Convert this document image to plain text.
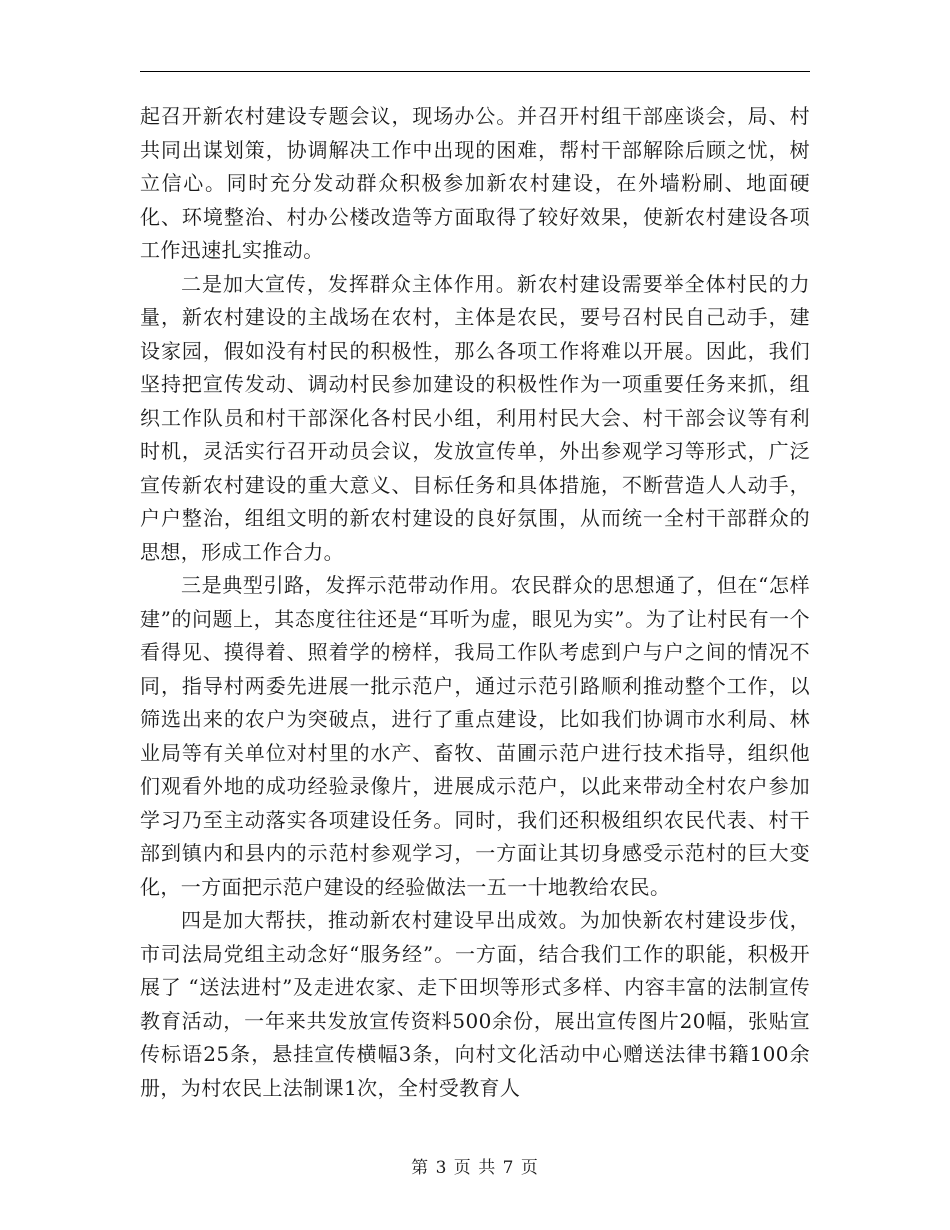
起召开新农村建设专题会议，现场办公。并召开村组干部座谈会，局、村共同出谋划策，协调解决工作中出现的困难，帮村干部解除后顾之忧，树立信心。同时充分发动群众积极参加新农村建设，在外墙粉刷、地面硬化、环境整治、村办公楼改造等方面取得了较好效果，使新农村建设各项工作迅速扎实推动。

二是加大宣传，发挥群众主体作用。新农村建设需要举全体村民的力量，新农村建设的主战场在农村，主体是农民，要号召村民自己动手，建设家园，假如没有村民的积极性，那么各项工作将难以开展。因此，我们坚持把宣传发动、调动村民参加建设的积极性作为一项重要任务来抓，组织工作队员和村干部深化各村民小组，利用村民大会、村干部会议等有利时机，灵活实行召开动员会议，发放宣传单，外出参观学习等形式，广泛宣传新农村建设的重大意义、目标任务和具体措施，不断营造人人动手，户户整治，组组文明的新农村建设的良好氛围，从而统一全村干部群众的思想，形成工作合力。

三是典型引路，发挥示范带动作用。农民群众的思想通了，但在“怎样建”的问题上，其态度往往还是“耳听为虚，眼见为实”。为了让村民有一个看得见、摸得着、照着学的榜样，我局工作队考虑到户与户之间的情况不同，指导村两委先进展一批示范户，通过示范引路顺利推动整个工作，以筛选出来的农户为突破点，进行了重点建设，比如我们协调市水利局、林业局等有关单位对村里的水产、畜牧、苗圃示范户进行技术指导，组织他们观看外地的成功经验录像片，进展成示范户，以此来带动全村农户参加学习乃至主动落实各项建设任务。同时，我们还积极组织农民代表、村干部到镇内和县内的示范村参观学习，一方面让其切身感受示范村的巨大变化，一方面把示范户建设的经验做法一五一十地教给农民。

四是加大帮扶，推动新农村建设早出成效。为加快新农村建设步伐，市司法局党组主动念好“服务经”。一方面，结合我们工作的职能，积极开展了 “送法进村”及走进农家、走下田坝等形式多样、内容丰富的法制宣传教育活动，一年来共发放宣传资料500余份，展出宣传图片20幅，张贴宣传标语25条，悬挂宣传横幅3条，向村文化活动中心赠送法律书籍100余册，为村农民上法制课1次，全村受教育人

第 3 页 共 7 页
